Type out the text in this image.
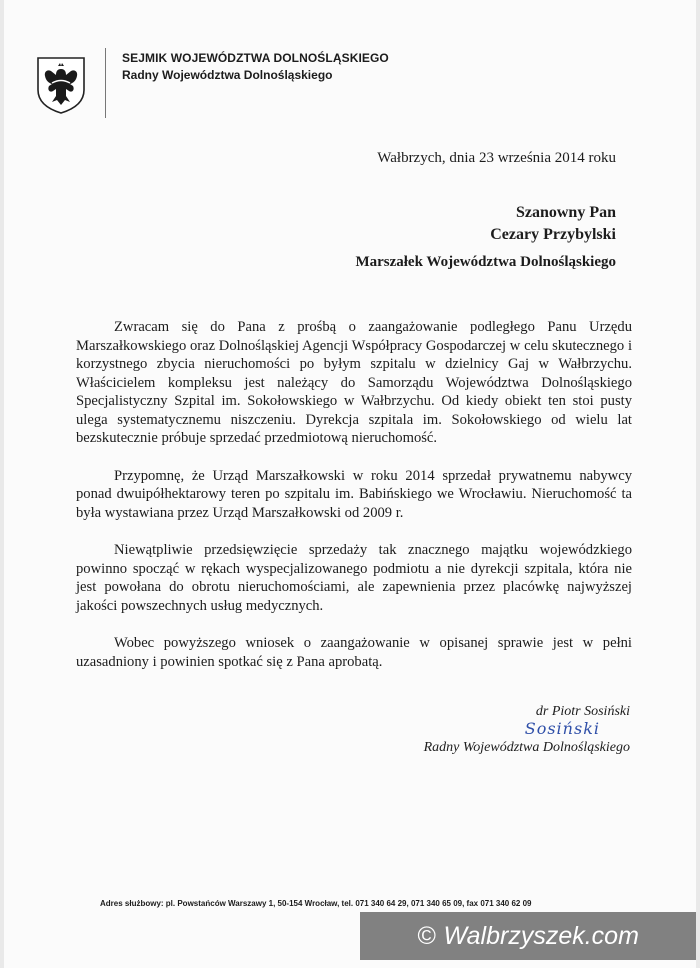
SEJMIK WOJEWÓDZTWA DOLNOŚLĄSKIEGO
Radny Województwa Dolnośląskiego
Wałbrzych, dnia 23 września 2014 roku
Szanowny Pan
Cezary Przybylski
Marszałek Województwa Dolnośląskiego

Zwracam się do Pana z prośbą o zaangażowanie podległego Panu Urzędu Marszałkowskiego oraz Dolnośląskiej Agencji Współpracy Gospodarczej w celu skutecznego i korzystnego zbycia nieruchomości po byłym szpitalu w dzielnicy Gaj w Wałbrzychu. Właścicielem kompleksu jest należący do Samorządu Województwa Dolnośląskiego Specjalistyczny Szpital im. Sokołowskiego w Wałbrzychu. Od kiedy obiekt ten stoi pusty ulega systematycznemu niszczeniu. Dyrekcja szpitala im. Sokołowskiego od wielu lat bezskutecznie próbuje sprzedać przedmiotową nieruchomość.

Przypomnę, że Urząd Marszałkowski w roku 2014 sprzedał prywatnemu nabywcy ponad dwuipółhektarowy teren po szpitalu im. Babińskiego we Wrocławiu. Nieruchomość ta była wystawiana przez Urząd Marszałkowski od 2009 r.

Niewątpliwie przedsięwzięcie sprzedaży tak znacznego majątku wojewódzkiego powinno spocząć w rękach wyspecjalizowanego podmiotu a nie dyrekcji szpitala, która nie jest powołana do obrotu nieruchomościami, ale zapewnienia przez placówkę najwyższej jakości powszechnych usług medycznych.

Wobec powyższego wniosek o zaangażowanie w opisanej sprawie jest w pełni uzasadniony i powinien spotkać się z Pana aprobatą.

dr Piotr Sosiński
Sosiński
Radny Województwa Dolnośląskiego
Adres służbowy: pl. Powstańców Warszawy 1, 50-154 Wrocław, tel. 071 340 64 29, 071 340 65 09, fax 071 340 62 09
© Walbrzyszek.com
